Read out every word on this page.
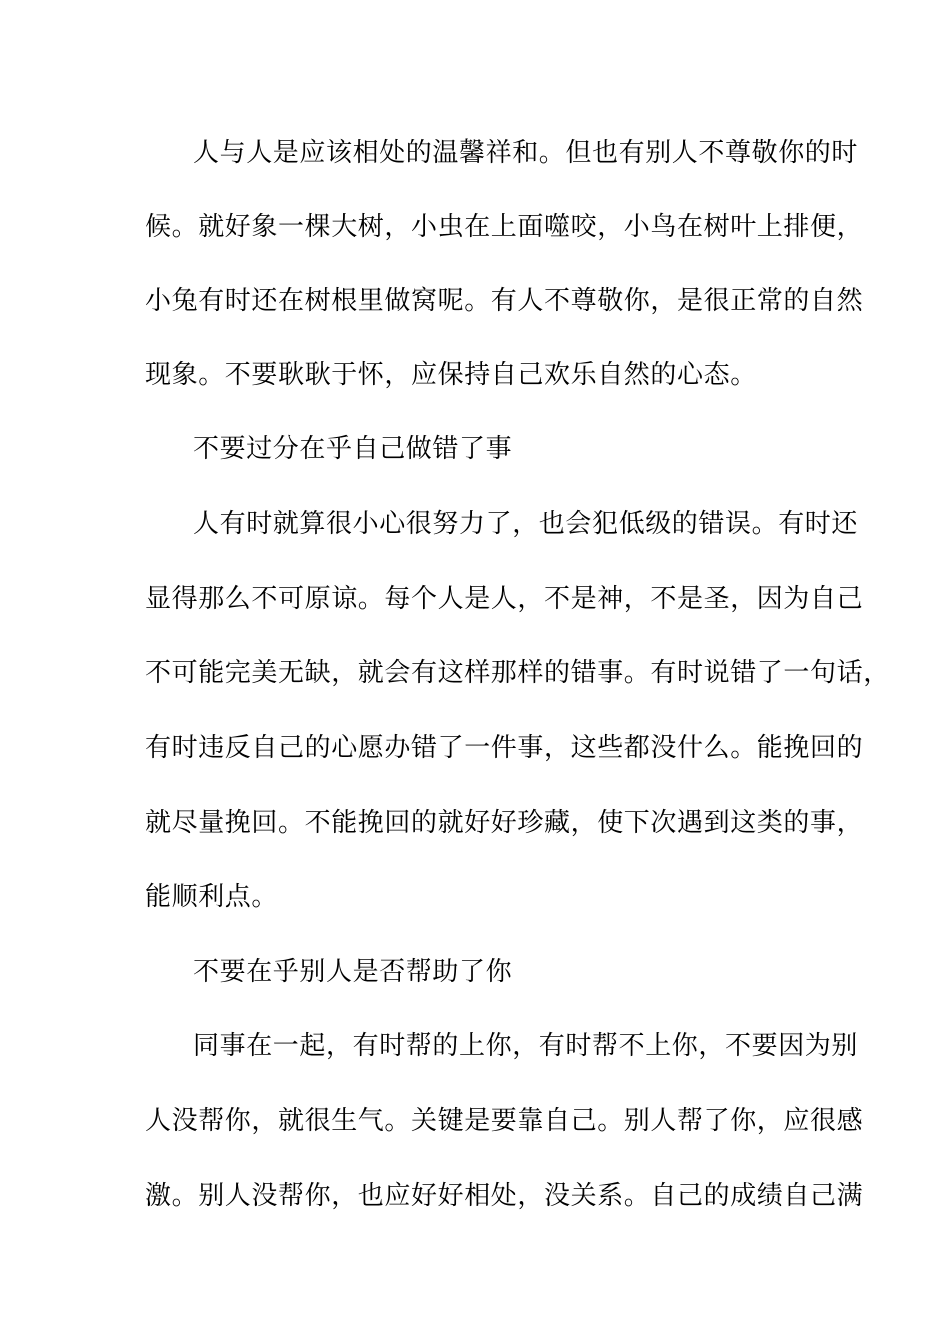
人与人是应该相处的温馨祥和。但也有别人不尊敬你的时
候。就好象一棵大树，小虫在上面噬咬，小鸟在树叶上排便，
小兔有时还在树根里做窝呢。有人不尊敬你，是很正常的自然
现象。不要耿耿于怀，应保持自己欢乐自然的心态。
不要过分在乎自己做错了事
人有时就算很小心很努力了，也会犯低级的错误。有时还
显得那么不可原谅。每个人是人，不是神，不是圣，因为自己
不可能完美无缺，就会有这样那样的错事。有时说错了一句话，
有时违反自己的心愿办错了一件事，这些都没什么。能挽回的
就尽量挽回。不能挽回的就好好珍藏，使下次遇到这类的事，
能顺利点。
不要在乎别人是否帮助了你
同事在一起，有时帮的上你，有时帮不上你，不要因为别
人没帮你，就很生气。关键是要靠自己。别人帮了你，应很感
激。别人没帮你，也应好好相处，没关系。自己的成绩自己满
